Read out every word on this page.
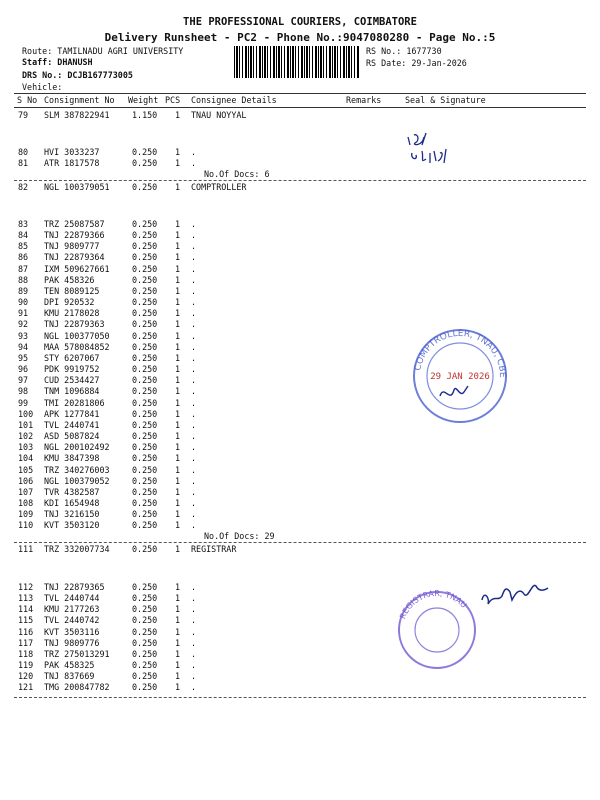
THE PROFESSIONAL COURIERS, COIMBATORE
Delivery Runsheet - PC2 - Phone No.:9047080280 - Page No.:5
Route: TAMILNADU AGRI UNIVERSITY
Staff: DHANUSH
DRS No.: DCJB167773005
Vehicle:
RS No.: 1677730
RS Date: 29-Jan-2026
S No Consignment No Weight PCS Consignee Details	Remarks	Seal & Signature
79 SLM 387822941	1.150 1 TNAU NOYYAL
80 HVI 3033237	0.250 1 .
81 ATR 1817578	0.250 1 .
No.Of Docs: 6
82 NGL 100379051	0.250 1 COMPTROLLER
83 TRZ 25087587	0.250 1 .
84 TNJ 22879366	0.250 1 .
85 TNJ 9809777	0.250 1 .
86 TNJ 22879364	0.250 1 .
87 IXM 509627661	0.250 1 .
88 PAK 458326	0.250 1 .
89 TEN 8089125	0.250 1 .
90 DPI 920532	0.250 1 .
91 KMU 2178028	0.250 1 .
92 TNJ 22879363	0.250 1 .
93 NGL 100377050	0.250 1 .
94 MAA 578084852	0.250 1 .
95 STY 6207067	0.250 1 .
96 PDK 9919752	0.250 1 .
97 CUD 2534427	0.250 1 .
98 TNM 1096884	0.250 1 .
99 TMI 20281806	0.250 1 .
100 APK 1277841	0.250 1 .
101 TVL 2440741	0.250 1 .
102 ASD 5087824	0.250 1 .
103 NGL 200102492	0.250 1 .
104 KMU 3847398	0.250 1 .
105 TRZ 340276003	0.250 1 .
106 NGL 100379052	0.250 1 .
107 TVR 4382587	0.250 1 .
108 KDI 1654948	0.250 1 .
109 TNJ 3216150	0.250 1 .
110 KVT 3503120	0.250 1 .
No.Of Docs: 29
111 TRZ 332007734	0.250 1 REGISTRAR
112 TNJ 22879365	0.250 1 .
113 TVL 2440744	0.250 1 .
114 KMU 2177263	0.250 1 .
115 TVL 2440742	0.250 1 .
116 KVT 3503116	0.250 1 .
117 TNJ 9809776	0.250 1 .
118 TRZ 275013291	0.250 1 .
119 PAK 458325	0.250 1 .
120 TNJ 837669	0.250 1 .
121 TMG 200847782	0.250 1 .
COMPTROLLER, TNAU, CBE
29 JAN 2026
REGISTRAR, TNAU
